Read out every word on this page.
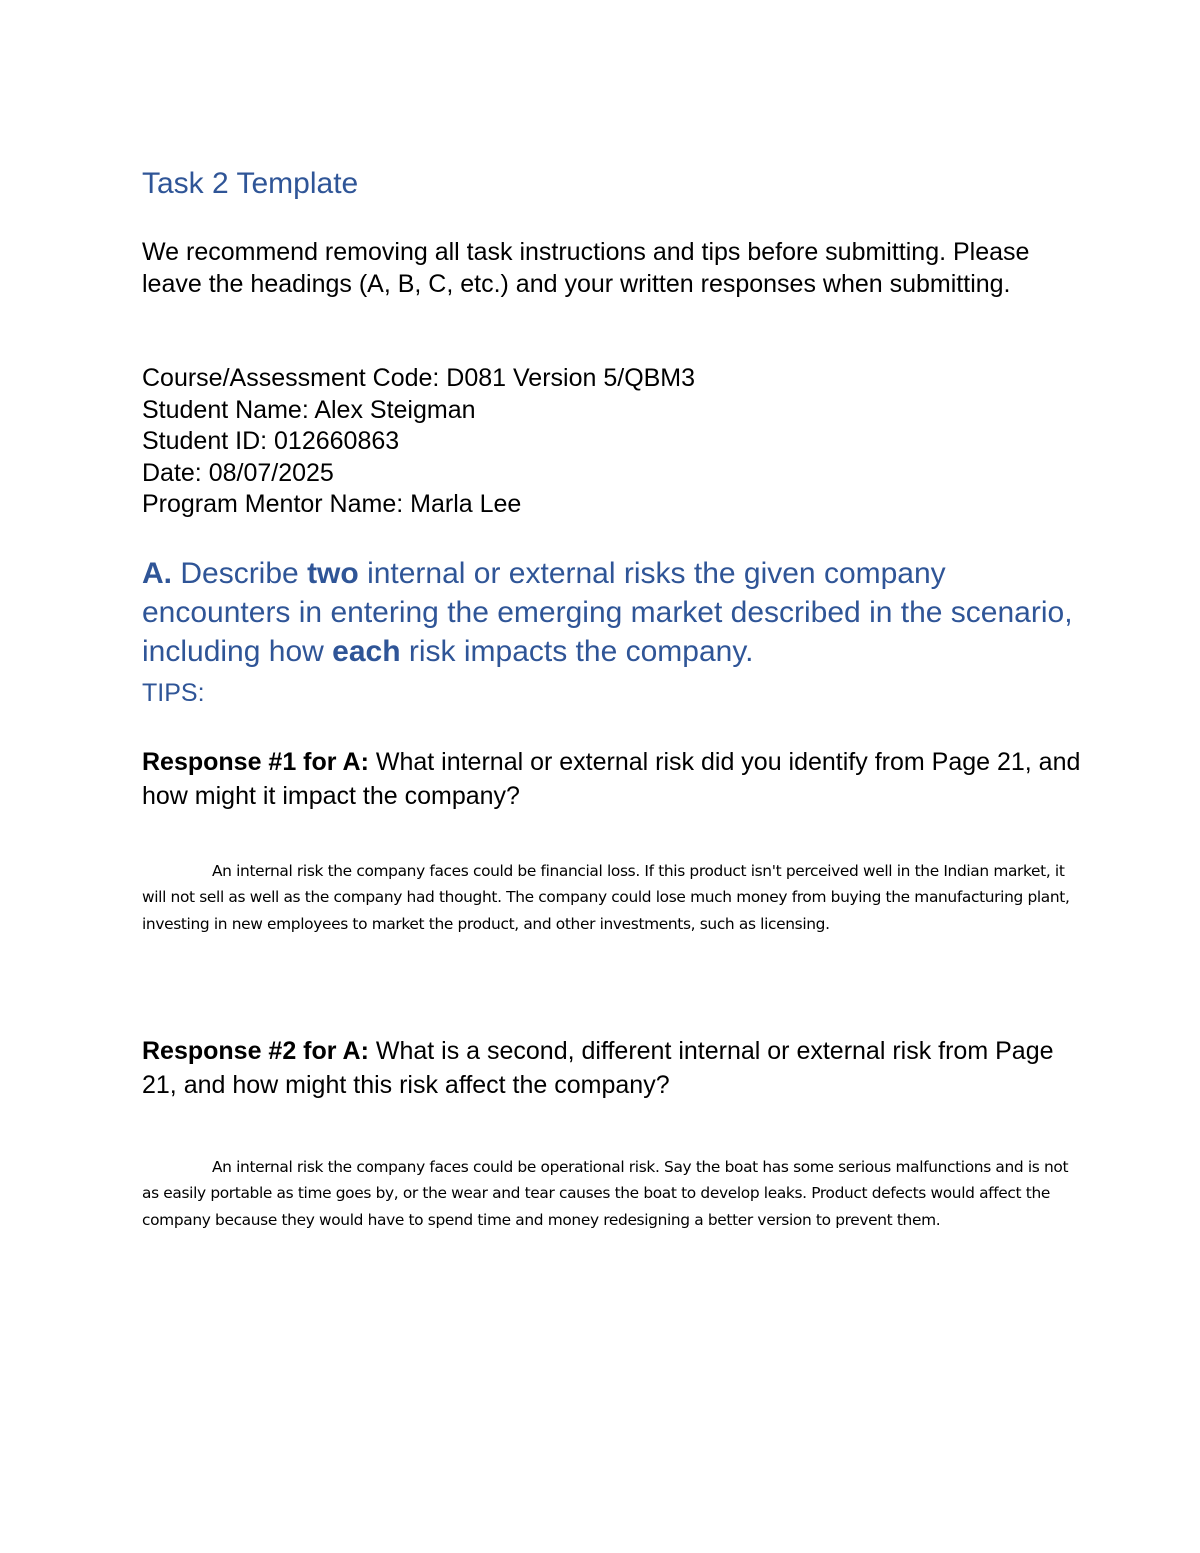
Task 2 Template
We recommend removing all task instructions and tips before submitting. Please leave the headings (A, B, C, etc.) and your written responses when submitting.
Course/Assessment Code: D081 Version 5/QBM3
Student Name: Alex Steigman
Student ID: 012660863
Date: 08/07/2025
Program Mentor Name: Marla Lee
A. Describe two internal or external risks the given company encounters in entering the emerging market described in the scenario, including how each risk impacts the company.
TIPS:
Response #1 for A: What internal or external risk did you identify from Page 21, and how might it impact the company?
An internal risk the company faces could be financial loss. If this product isn't perceived well in the Indian market, it will not sell as well as the company had thought. The company could lose much money from buying the manufacturing plant, investing in new employees to market the product, and other investments, such as licensing.
Response #2 for A: What is a second, different internal or external risk from Page 21, and how might this risk affect the company?
An internal risk the company faces could be operational risk. Say the boat has some serious malfunctions and is not as easily portable as time goes by, or the wear and tear causes the boat to develop leaks. Product defects would affect the company because they would have to spend time and money redesigning a better version to prevent them.
